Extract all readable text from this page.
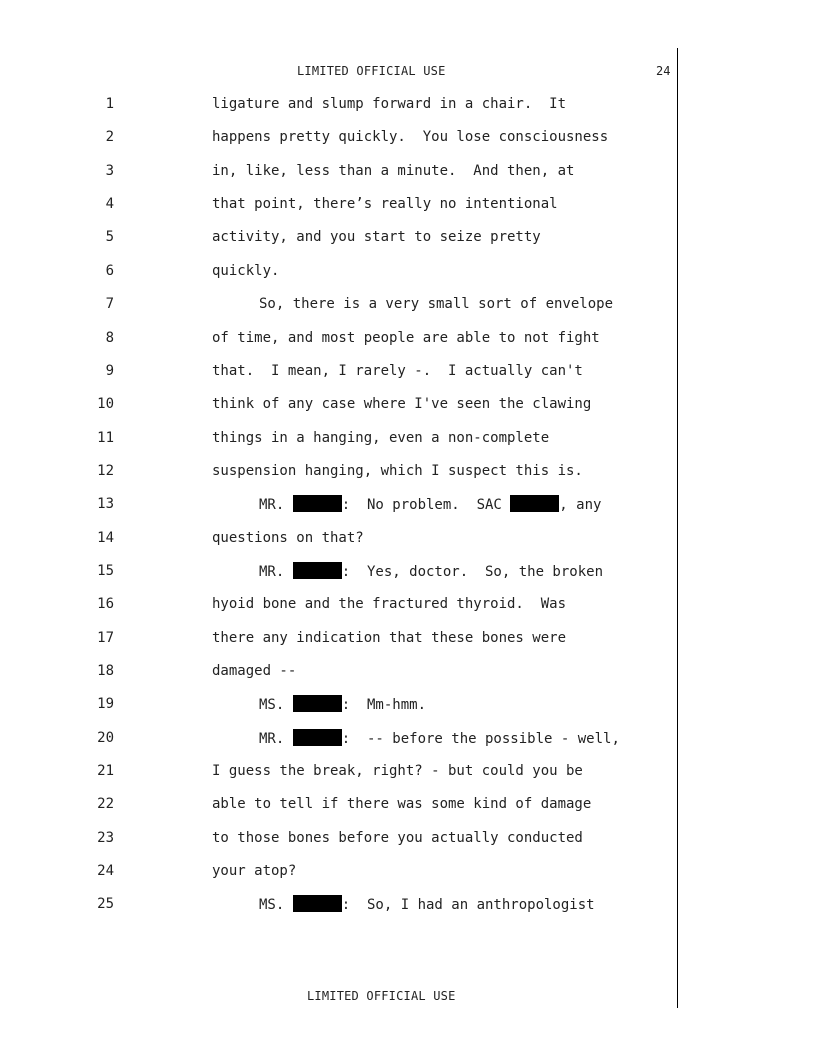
LIMITED OFFICIAL USE	24
1	ligature and slump forward in a chair.  It
2	happens pretty quickly.  You lose consciousness
3	in, like, less than a minute.  And then, at
4	that point, there’s really no intentional
5	activity, and you start to seize pretty
6	quickly.
7	So, there is a very small sort of envelope
8	of time, and most people are able to not fight
9	that.  I mean, I rarely -.  I actually can't
10	think of any case where I've seen the clawing
11	things in a hanging, even a non-complete
12	suspension hanging, which I suspect this is.
13	MR.	:  No problem.  SAC	, any
14	questions on that?
15	MR.	:  Yes, doctor.  So, the broken
16	hyoid bone and the fractured thyroid.  Was
17	there any indication that these bones were
18	damaged --
19	MS.	:  Mm-hmm.
20	MR.	:  -- before the possible - well,
21	I guess the break, right? - but could you be
22	able to tell if there was some kind of damage
23	to those bones before you actually conducted
24	your atop?
25	MS.	:  So, I had an anthropologist
LIMITED OFFICIAL USE
